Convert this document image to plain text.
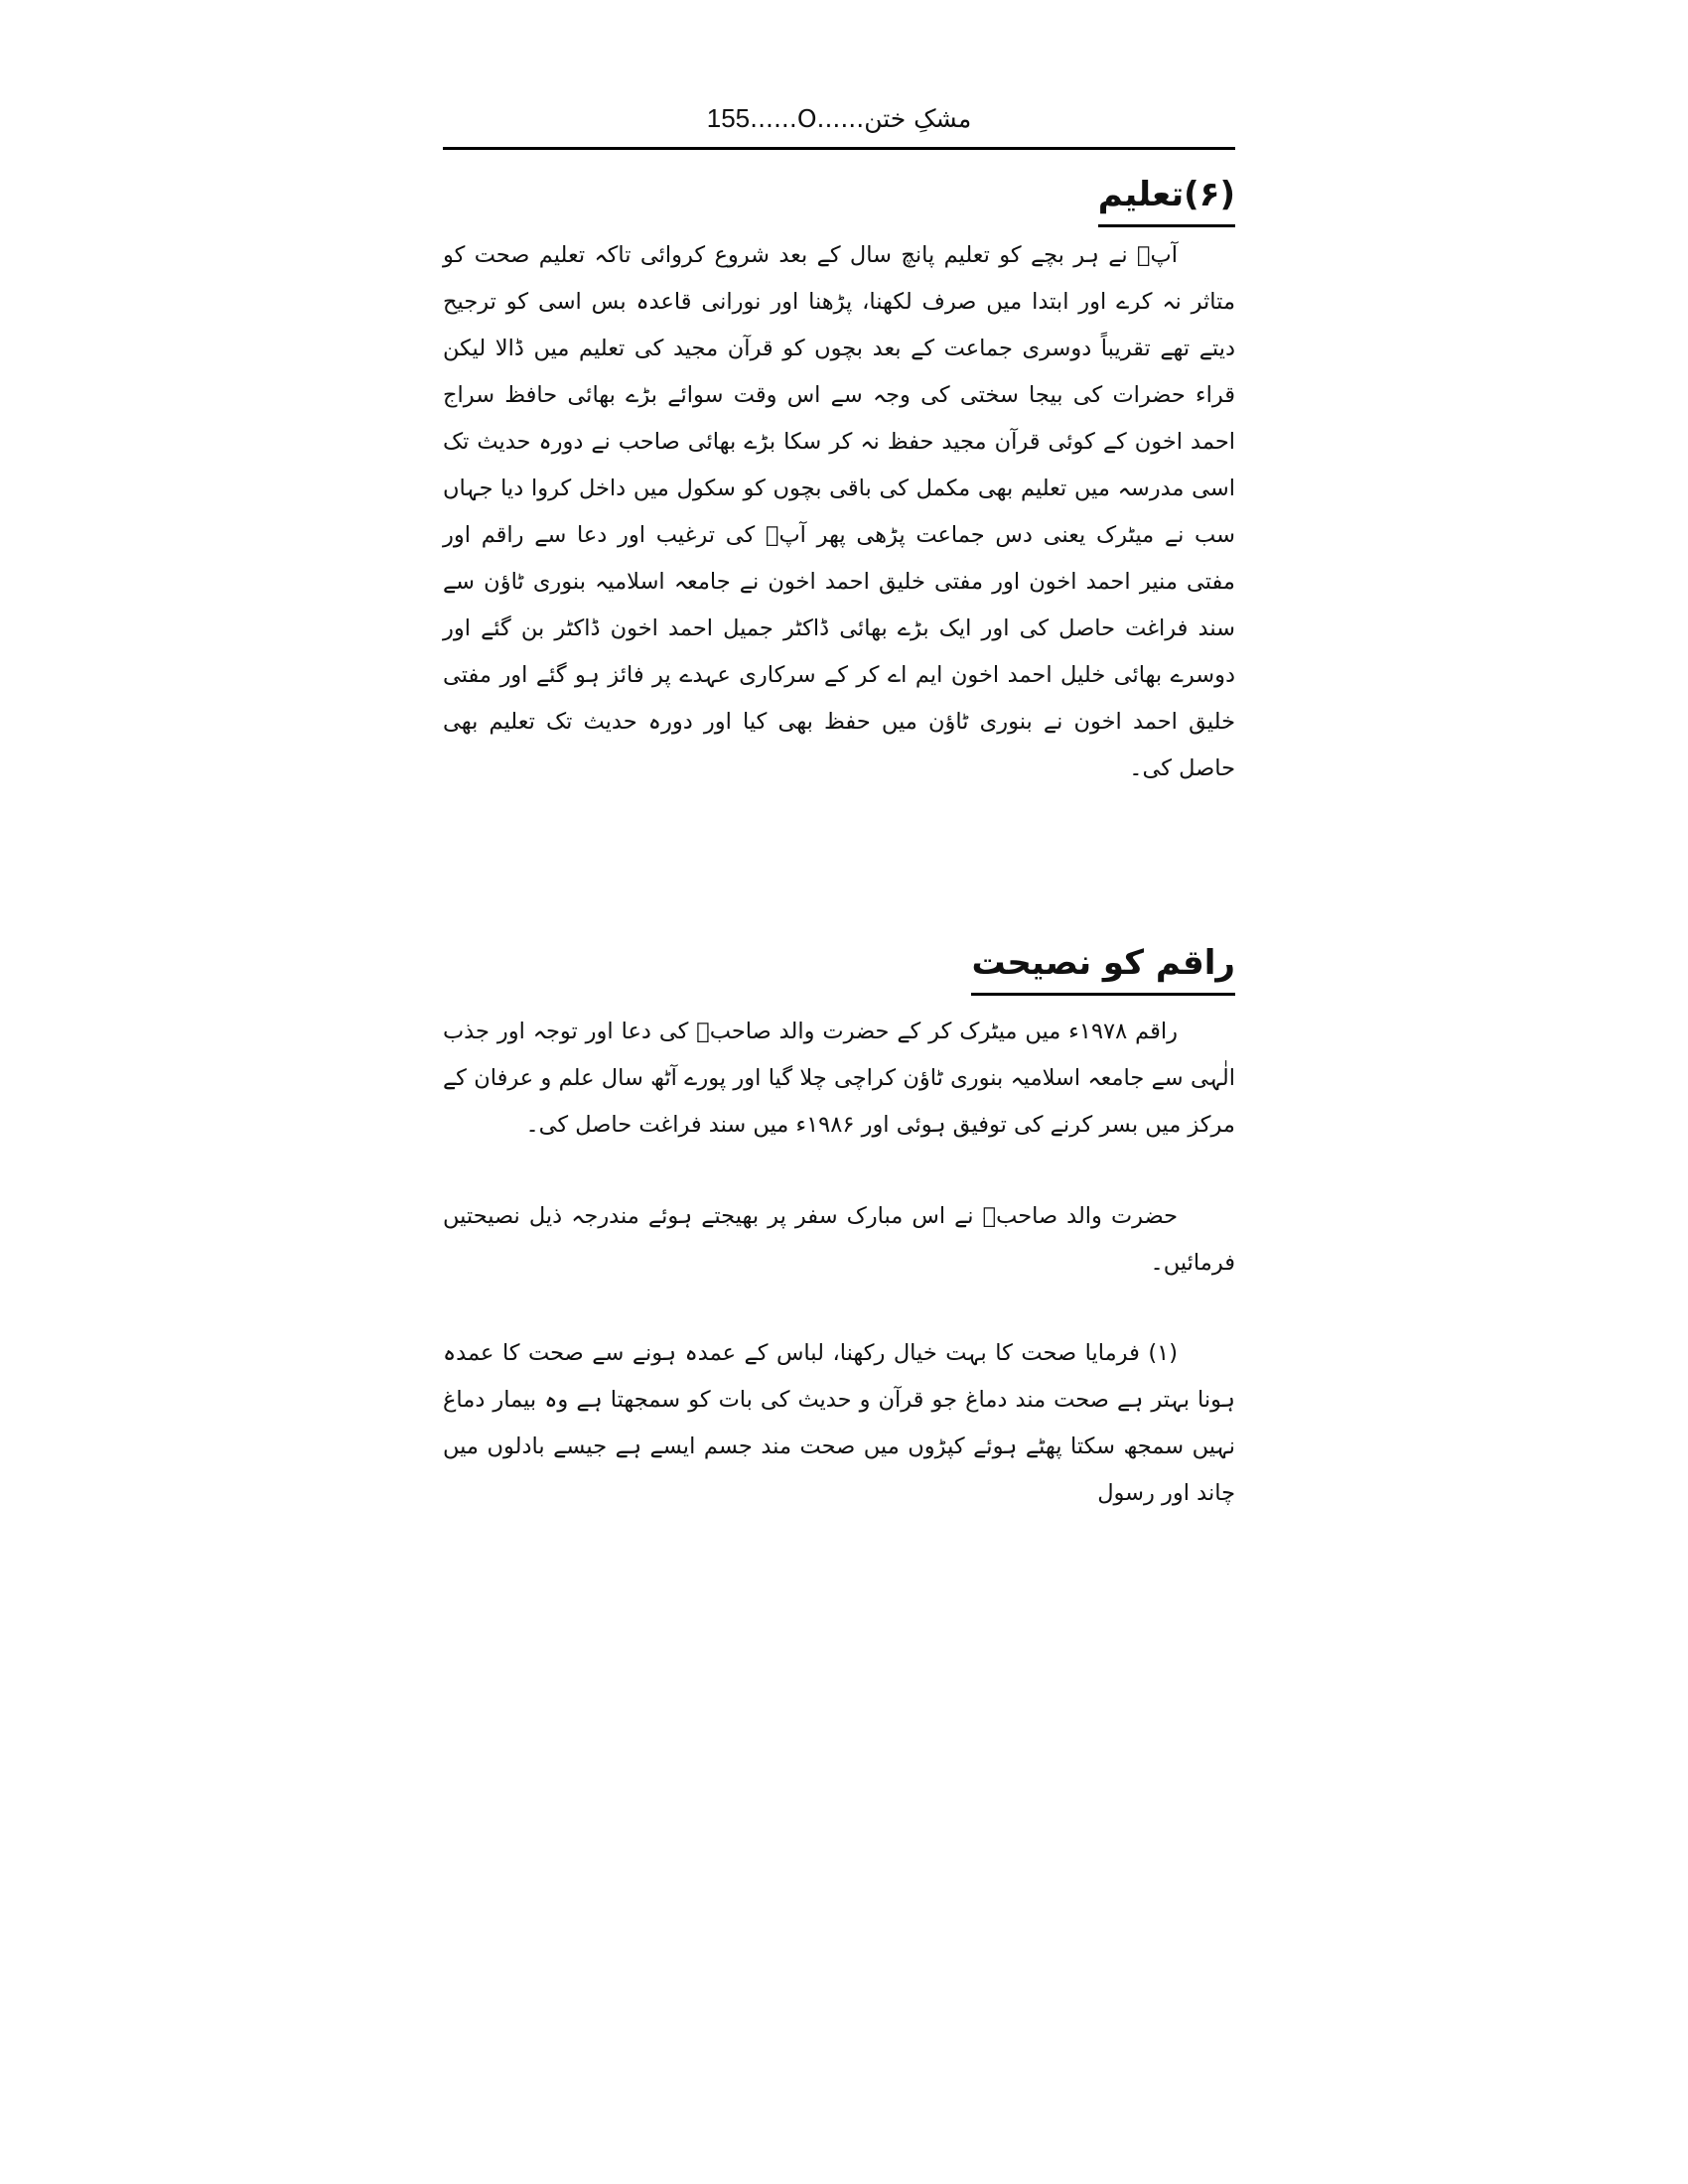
مشکِ ختن......O......155
(۶)تعلیم

آپؒ نے ہر بچے کو تعلیم پانچ سال کے بعد شروع کروائی تاکہ تعلیم صحت کو متاثر نہ کرے اور ابتدا میں صرف لکھنا، پڑھنا اور نورانی قاعدہ بس اسی کو ترجیح دیتے تھے تقریباً دوسری جماعت کے بعد بچوں کو قرآن مجید کی تعلیم میں ڈالا لیکن قراء حضرات کی بیجا سختی کی وجہ سے اس وقت سوائے بڑے بھائی حافظ سراج احمد اخون کے کوئی قرآن مجید حفظ نہ کر سکا بڑے بھائی صاحب نے دورہ حدیث تک اسی مدرسہ میں تعلیم بھی مکمل کی باقی بچوں کو سکول میں داخل کروا دیا جہاں سب نے میٹرک یعنی دس جماعت پڑھی پھر آپؒ کی ترغیب اور دعا سے راقم اور مفتی منیر احمد اخون اور مفتی خلیق احمد اخون نے جامعہ اسلامیہ بنوری ٹاؤن سے سند فراغت حاصل کی اور ایک بڑے بھائی ڈاکٹر جمیل احمد اخون ڈاکٹر بن گئے اور دوسرے بھائی خلیل احمد اخون ایم اے کر کے سرکاری عہدے پر فائز ہو گئے اور مفتی خلیق احمد اخون نے بنوری ٹاؤن میں حفظ بھی کیا اور دورہ حدیث تک تعلیم بھی حاصل کی۔

راقم کو نصیحت

راقم ۱۹۷۸ء میں میٹرک کر کے حضرت والد صاحبؒ کی دعا اور توجہ اور جذب الٰہی سے جامعہ اسلامیہ بنوری ٹاؤن کراچی چلا گیا اور پورے آٹھ سال علم و عرفان کے مرکز میں بسر کرنے کی توفیق ہوئی اور ۱۹۸۶ء میں سند فراغت حاصل کی۔

حضرت والد صاحبؒ نے اس مبارک سفر پر بھیجتے ہوئے مندرجہ ذیل نصیحتیں فرمائیں۔

(۱) فرمایا صحت کا بہت خیال رکھنا، لباس کے عمدہ ہونے سے صحت کا عمدہ ہونا بہتر ہے صحت مند دماغ جو قرآن و حدیث کی بات کو سمجھتا ہے وہ بیمار دماغ نہیں سمجھ سکتا پھٹے ہوئے کپڑوں میں صحت مند جسم ایسے ہے جیسے بادلوں میں چاند اور رسول
